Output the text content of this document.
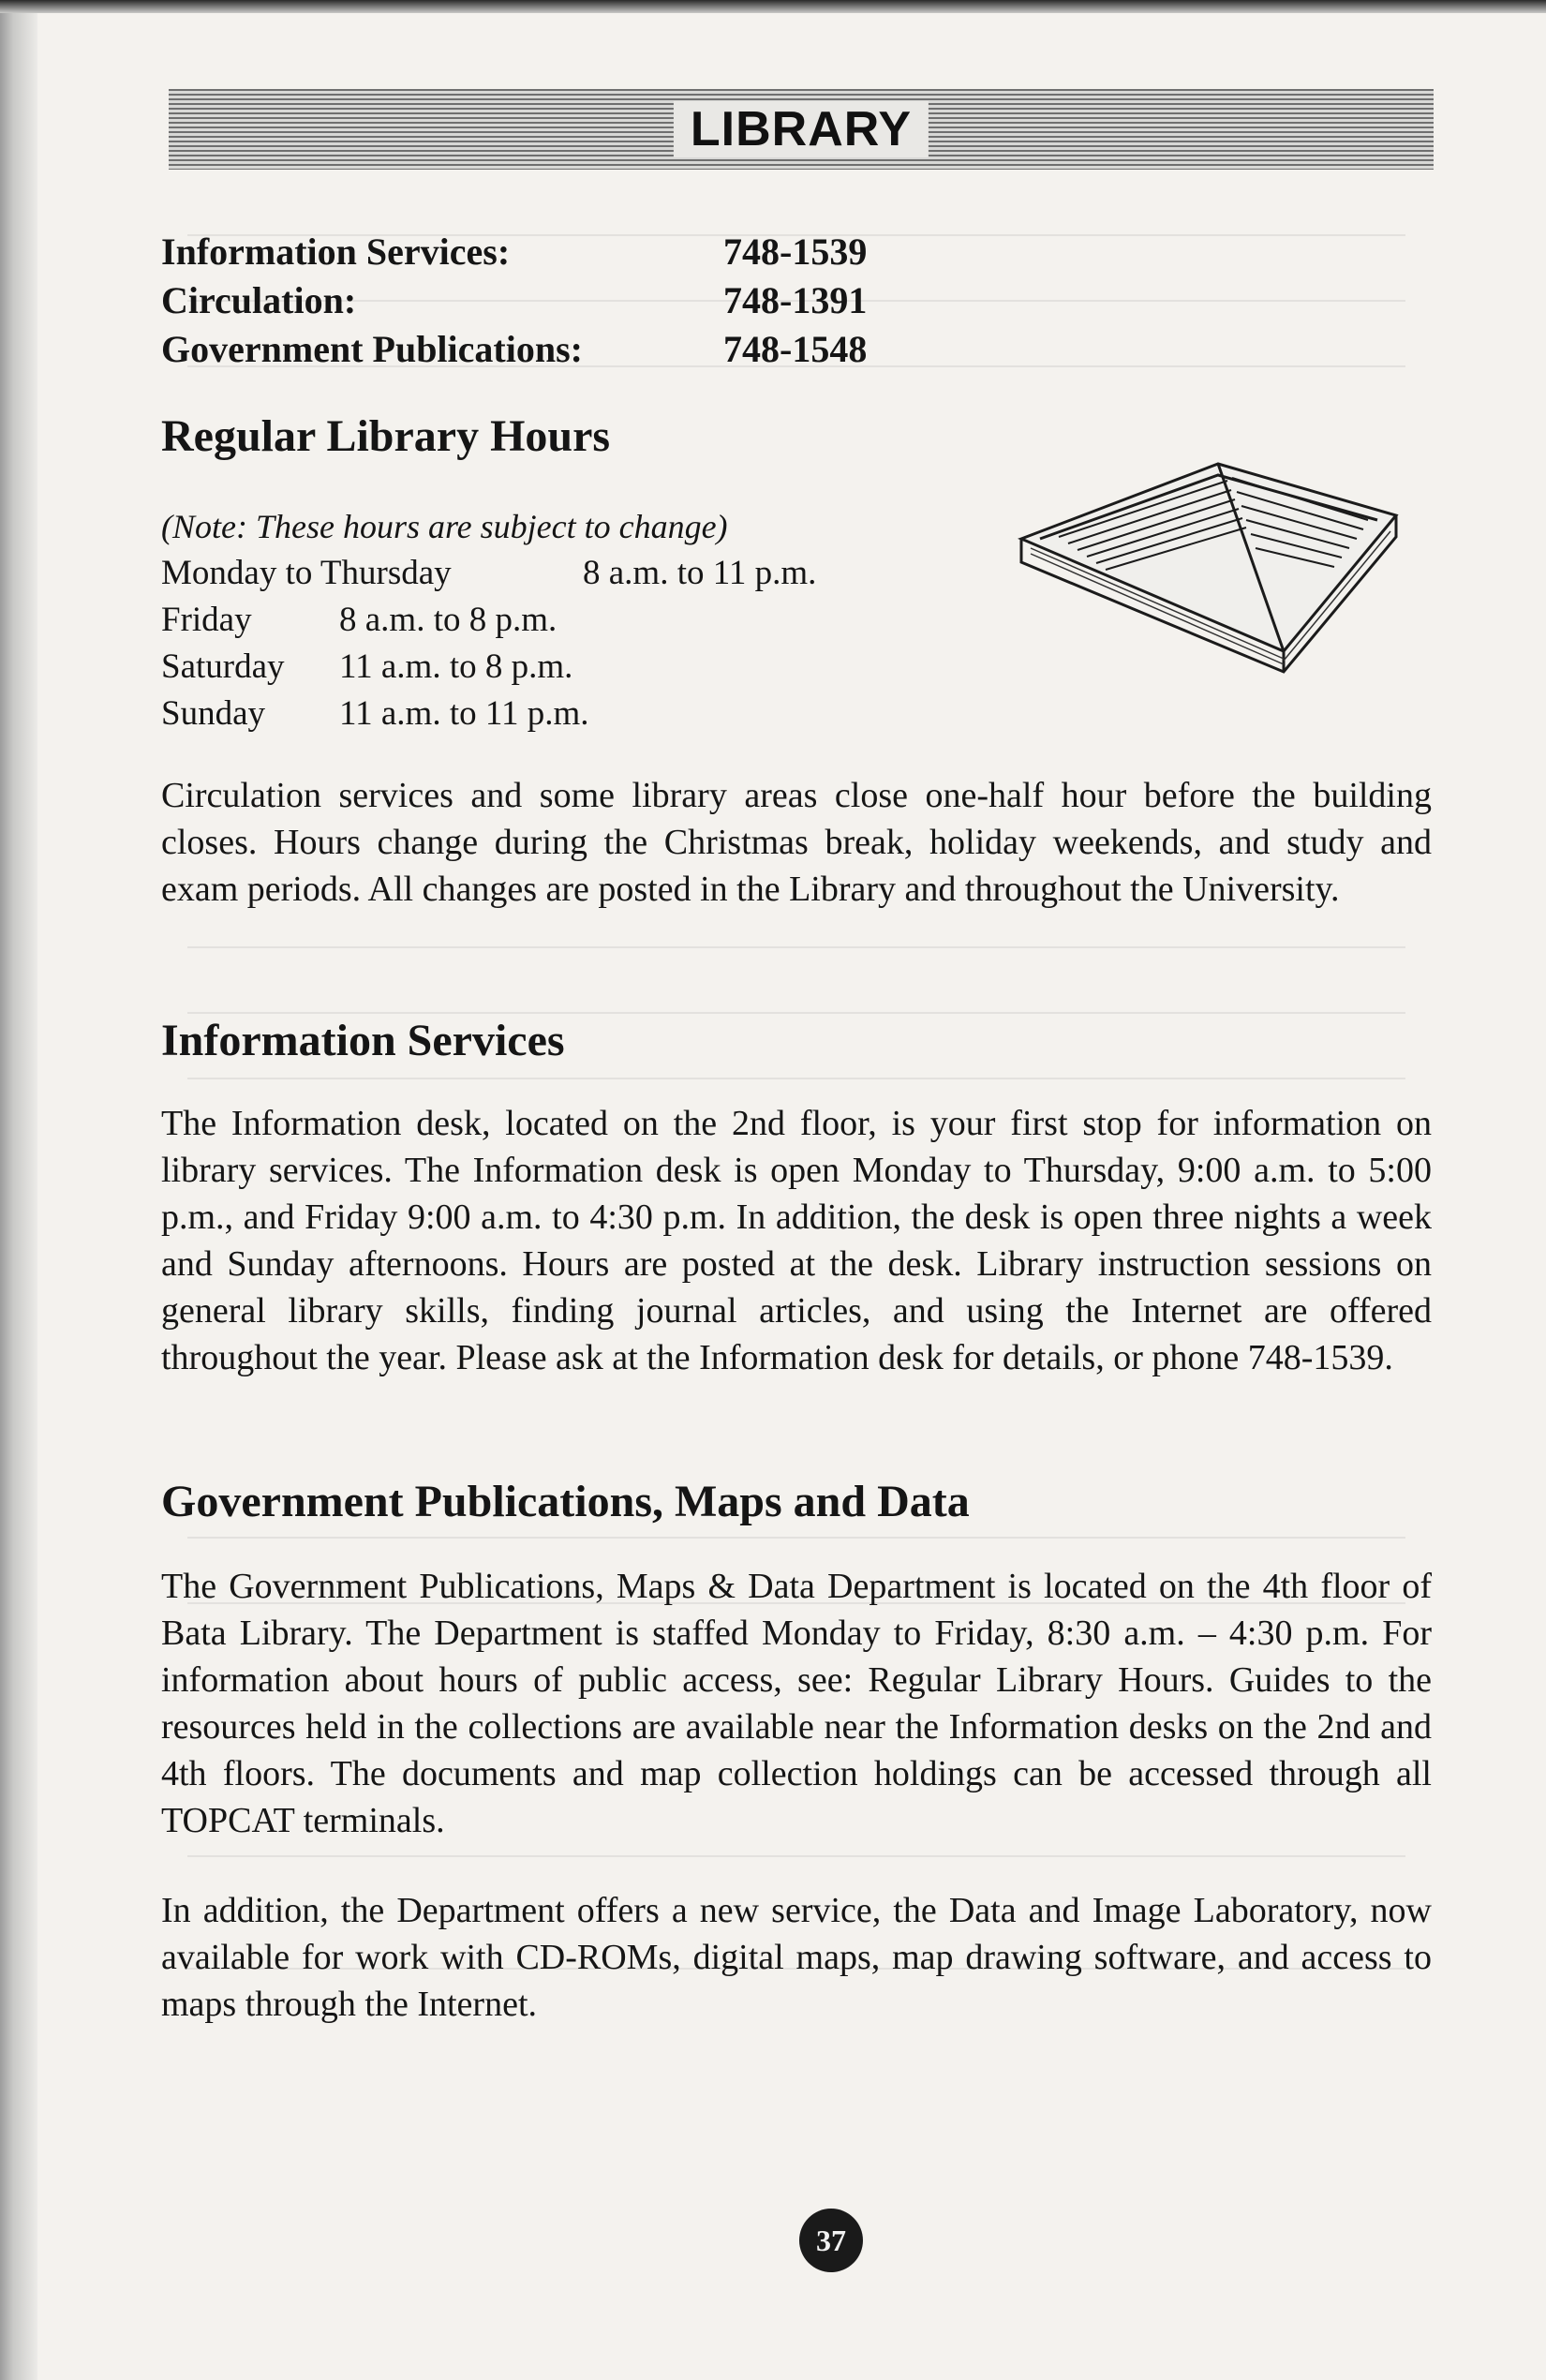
LIBRARY
Information Services:	748-1539
Circulation:	748-1391
Government Publications:	748-1548
Regular Library Hours
(Note: These hours are subject to change)
Monday to Thursday	8 a.m. to 11 p.m.
Friday	8 a.m. to 8 p.m.
Saturday 11 a.m. to 8 p.m.
Sunday 11 a.m. to 11 p.m.

Circulation services and some library areas close one-half hour before the building closes. Hours change during the Christmas break, holiday weekends, and study and exam periods. All changes are posted in the Library and throughout the University.

Information Services

The Information desk, located on the 2nd floor, is your first stop for information on library services. The Information desk is open Monday to Thursday, 9:00 a.m. to 5:00 p.m., and Friday 9:00 a.m. to 4:30 p.m. In addition, the desk is open three nights a week and Sunday afternoons. Hours are posted at the desk. Library instruction sessions on general library skills, finding journal articles, and using the Internet are offered throughout the year. Please ask at the Information desk for details, or phone 748-1539.

Government Publications, Maps and Data

The Government Publications, Maps & Data Department is located on the 4th floor of Bata Library. The Department is staffed Monday to Friday, 8:30 a.m. – 4:30 p.m. For information about hours of public access, see: Regular Library Hours. Guides to the resources held in the collections are available near the Information desks on the 2nd and 4th floors. The documents and map collection holdings can be accessed through all TOPCAT terminals.

In addition, the Department offers a new service, the Data and Image Laboratory, now available for work with CD-ROMs, digital maps, map drawing software, and access to maps through the Internet.

37
